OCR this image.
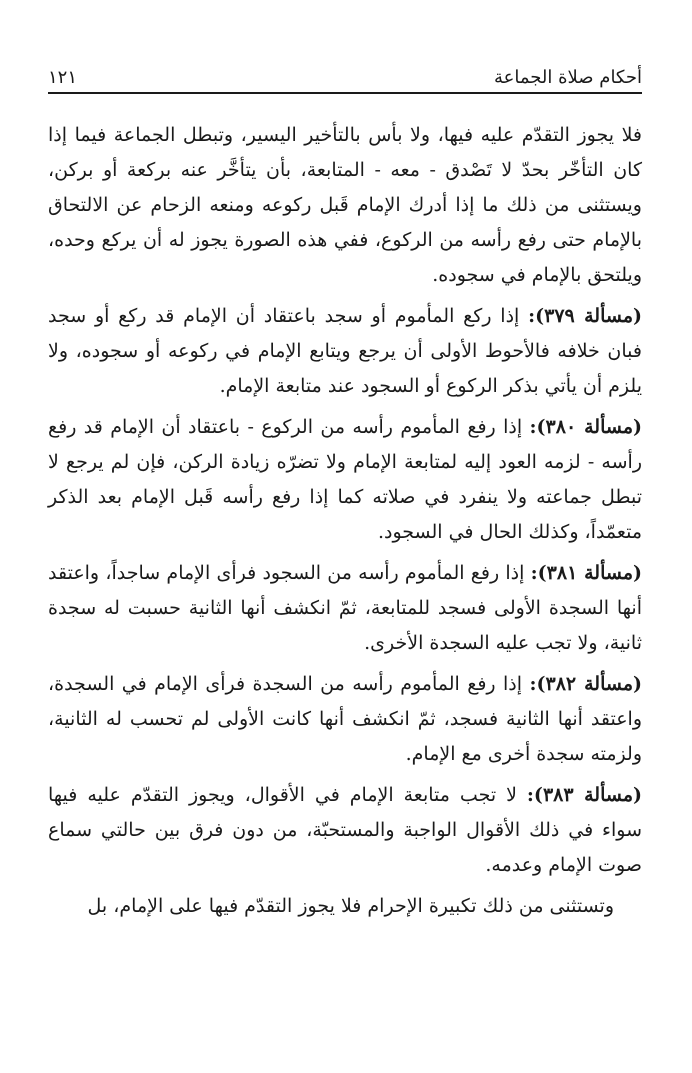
أحكام صلاة الجماعة
١٢١

فلا يجوز التقدّم عليه فيها، ولا بأس بالتأخير اليسير، وتبطل الجماعة فيما إذا كان التأخّر بحدّ لا تَصْدق - معه - المتابعة، بأن يتأخَّر عنه بركعة أو بركن، ويستثنى من ذلك ما إذا أدرك الإمام قَبل ركوعه ومنعه الزحام عن الالتحاق بالإمام حتى رفع رأسه من الركوع، ففي هذه الصورة يجوز له أن يركع وحده، ويلتحق بالإمام في سجوده.

(مسألة ٣٧٩): إذا ركع المأموم أو سجد باعتقاد أن الإمام قد ركع أو سجد فبان خلافه فالأحوط الأولى أن يرجع ويتابع الإمام في ركوعه أو سجوده، ولا يلزم أن يأتي بذكر الركوع أو السجود عند متابعة الإمام.

(مسألة ٣٨٠): إذا رفع المأموم رأسه من الركوع - باعتقاد أن الإمام قد رفع رأسه - لزمه العود إليه لمتابعة الإمام ولا تضرّه زيادة الركن، فإن لم يرجع لا تبطل جماعته ولا ينفرد في صلاته كما إذا رفع رأسه قَبل الإمام بعد الذكر متعمّداً، وكذلك الحال في السجود.

(مسألة ٣٨١): إذا رفع المأموم رأسه من السجود فرأى الإمام ساجداً، واعتقد أنها السجدة الأولى فسجد للمتابعة، ثمّ انكشف أنها الثانية حسبت له سجدة ثانية، ولا تجب عليه السجدة الأخرى.

(مسألة ٣٨٢): إذا رفع المأموم رأسه من السجدة فرأى الإمام في السجدة، واعتقد أنها الثانية فسجد، ثمّ انكشف أنها كانت الأولى لم تحسب له الثانية، ولزمته سجدة أخرى مع الإمام.

(مسألة ٣٨٣): لا تجب متابعة الإمام في الأقوال، ويجوز التقدّم عليه فيها سواء في ذلك الأقوال الواجبة والمستحبّة، من دون فرق بين حالتي سماع صوت الإمام وعدمه.

وتستثنى من ذلك تكبيرة الإحرام فلا يجوز التقدّم فيها على الإمام، بل
